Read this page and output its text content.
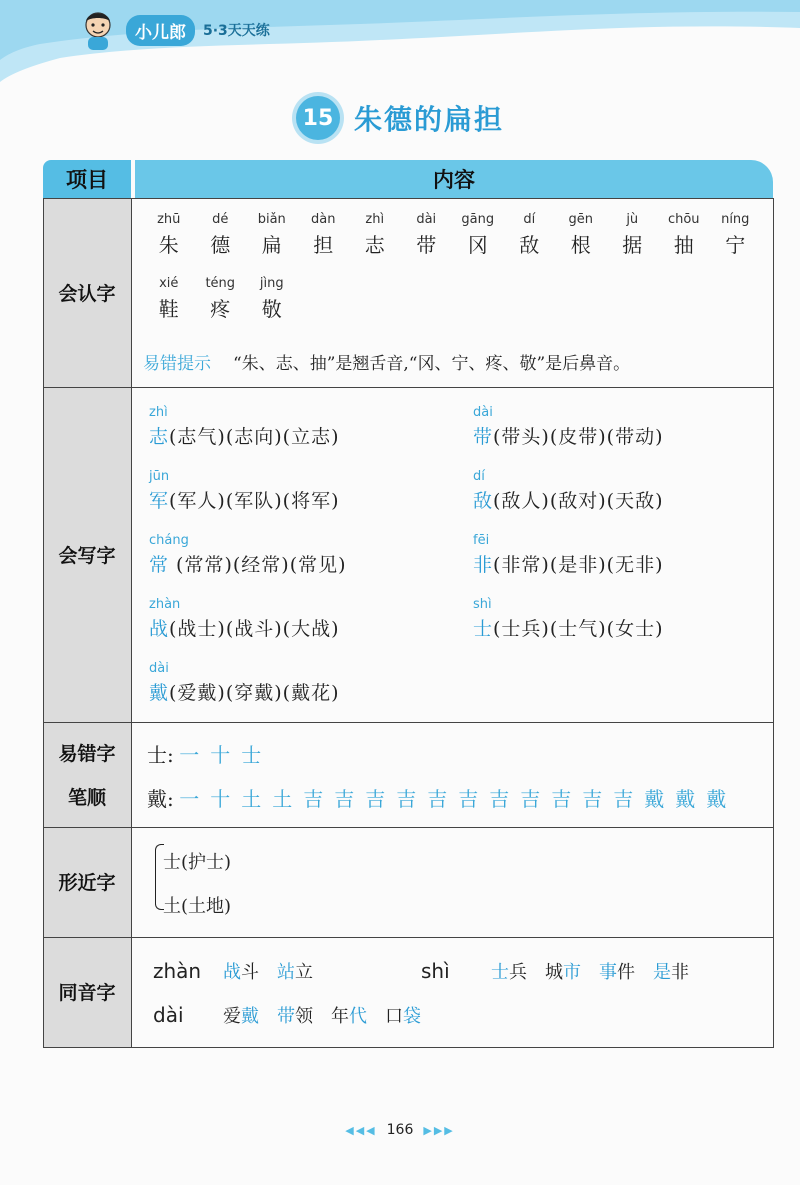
小儿郎	5·3天天练
15 朱德的扁担
项目	内容
会认字
zhū
朱
dé
德
biǎn
扁
dàn
担
zhì
志
dài
带
gāng
冈
dí
敌
gēn
根
jù
据
chōu
抽
níng
宁
xié
鞋
téng
疼
jìng
敬
易错提示 “朱、志、抽”是翘舌音,“冈、宁、疼、敬”是后鼻音。
会写字
zhì
志(志气)(志向)(立志)
jūn
军(军人)(军队)(将军)
cháng
常 (常常)(经常)(常见)
zhàn
战(战士)(战斗)(大战)
dài
戴(爱戴)(穿戴)(戴花)
dài
带(带头)(皮带)(带动)
dí
敌(敌人)(敌对)(天敌)
fēi
非(非常)(是非)(无非)
shì
士(士兵)(士气)(女士)
易错字
笔顺
士: 一 十 士
戴: 一 十 土 土 吉 吉 吉 吉 吉 吉 吉 吉 吉 吉 吉 戴 戴 戴
形近字
士(护士)
土(土地)
同音字
zhàn 战斗 站立
dài 爱戴 带领 年代 口袋
shì 士兵 城市 事件 是非
◀◀◀ 166 ▶▶▶
